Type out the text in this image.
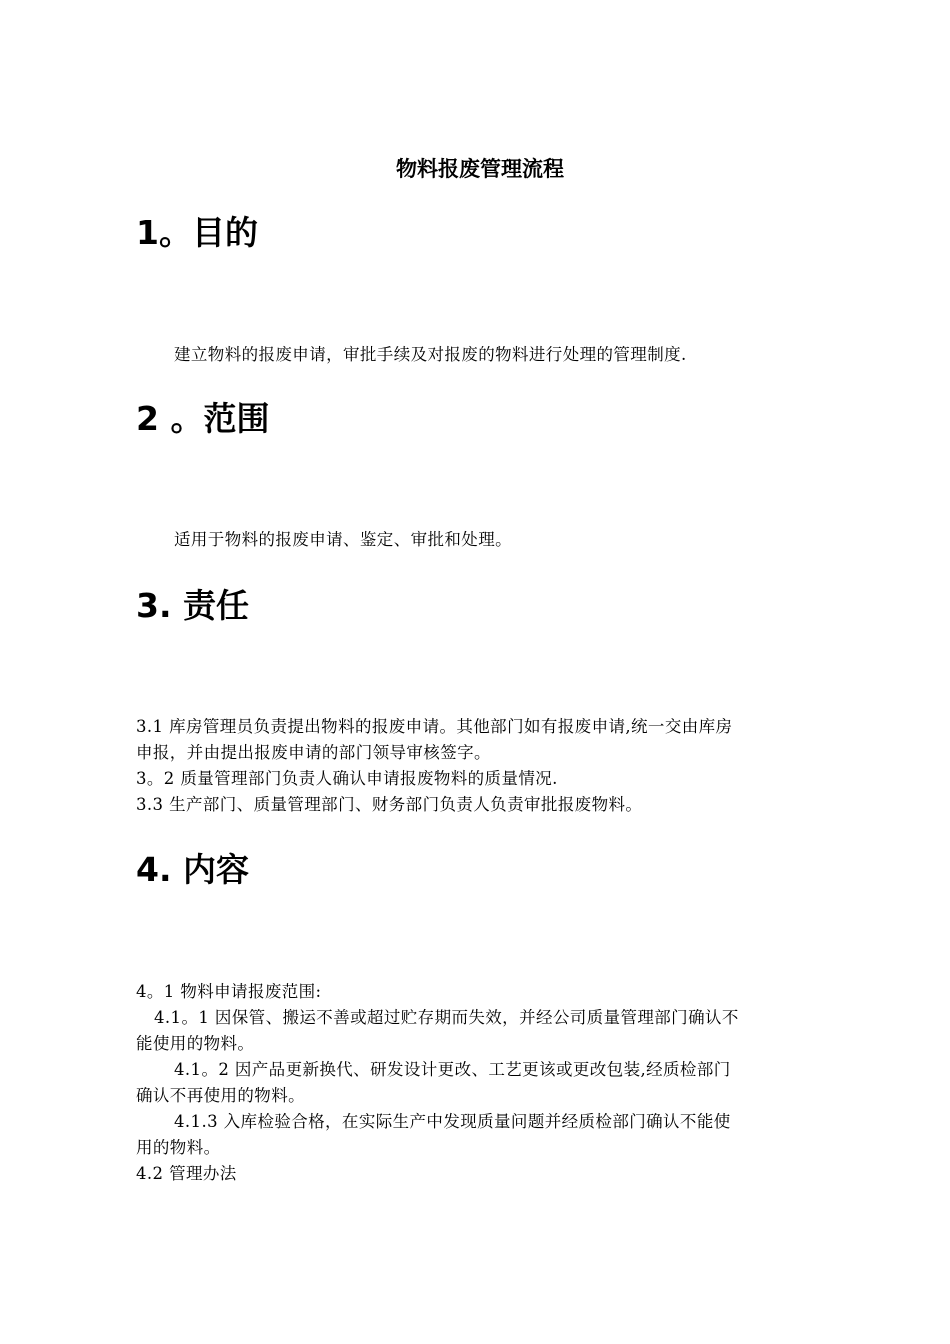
物料报废管理流程
1。目的
建立物料的报废申请，审批手续及对报废的物料进行处理的管理制度.
2 。范围
适用于物料的报废申请、鉴定、审批和处理。
3. 责任
3.1 库房管理员负责提出物料的报废申请。其他部门如有报废申请,统一交由库房
申报，并由提出报废申请的部门领导审核签字。
3。2 质量管理部门负责人确认申请报废物料的质量情况.
3.3 生产部门、质量管理部门、财务部门负责人负责审批报废物料。
4. 内容
4。1 物料申请报废范围:
4.1。1 因保管、搬运不善或超过贮存期而失效，并经公司质量管理部门确认不
能使用的物料。
4.1。2 因产品更新换代、研发设计更改、工艺更该或更改包装,经质检部门
确认不再使用的物料。
4.1.3 入库检验合格，在实际生产中发现质量问题并经质检部门确认不能使
用的物料。
4.2 管理办法
